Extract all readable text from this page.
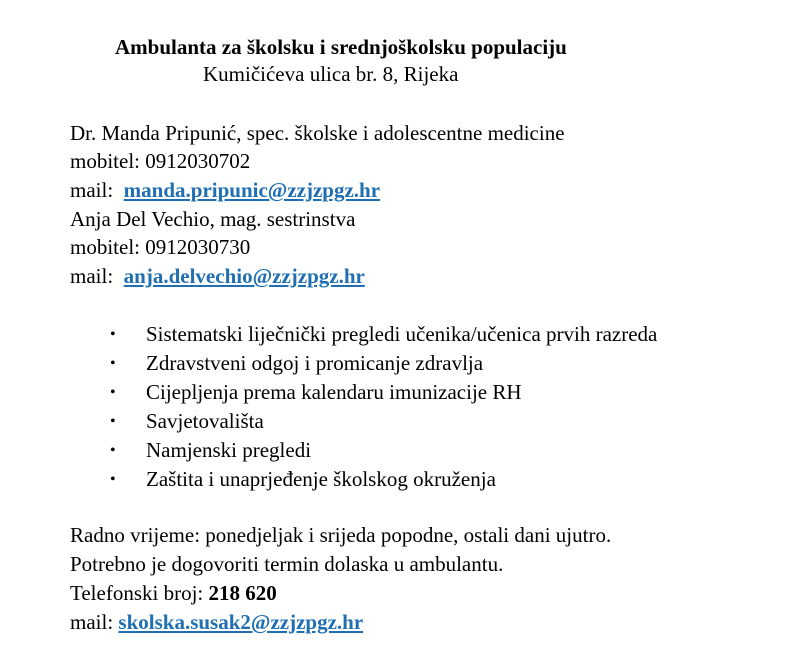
Ambulanta za školsku i srednjoškolsku populaciju
Kumičićeva ulica br. 8, Rijeka
Dr. Manda Pripunić, spec. školske i adolescentne medicine
mobitel: 0912030702
mail:  manda.pripunic@zzjzpgz.hr
Anja Del Vechio, mag. sestrinstva
mobitel: 0912030730
mail:  anja.delvechio@zzjzpgz.hr
• Sistematski liječnički pregledi učenika/učenica prvih razreda
• Zdravstveni odgoj i promicanje zdravlja
• Cijepljenja prema kalendaru imunizacije RH
• Savjetovališta
• Namjenski pregledi
• Zaštita i unaprjeđenje školskog okruženja
Radno vrijeme: ponedjeljak i srijeda popodne, ostali dani ujutro.
Potrebno je dogovoriti termin dolaska u ambulantu.
Telefonski broj: 218 620
mail: skolska.susak2@zzjzpgz.hr
